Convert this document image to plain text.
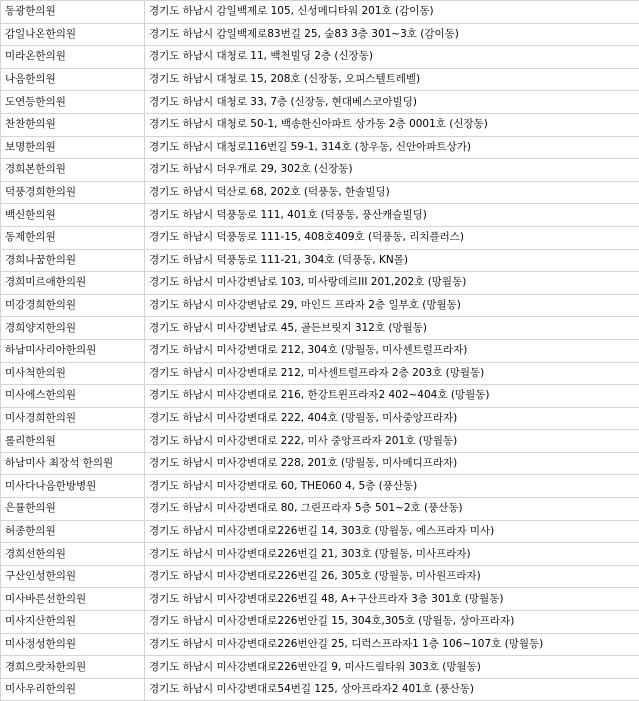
동광한의원	경기도 하남시 감일백제로 105, 신성메디타워 201호 (감이동)
감일나온한의원	경기도 하남시 감일백제로83번길 25, 숲83 3층 301~3호 (감이동)
미라온한의원	경기도 하남시 대청로 11, 백천빌딩 2층 (신장동)
나음한의원	경기도 하남시 대청로 15, 208호 (신장동, 오피스텔트레벨)
도연등한의원	경기도 하남시 대청로 33, 7층 (신장동, 현대베스코아빌딩)
찬찬한의원	경기도 하남시 대청로 50-1, 백송한신아파트 상가동 2층 0001호 (신장동)
보명한의원	경기도 하남시 대청로116번길 59-1, 314호 (창우동, 신안아파트상가)
경희본한의원	경기도 하남시 더우개로 29, 302호 (신장동)
덕풍경희한의원	경기도 하남시 덕산로 68, 202호 (덕풍동, 한솔빌딩)
백신한의원	경기도 하남시 덕풍동로 111, 401호 (덕풍동, 풍산캐슬빌딩)
동제한의원	경기도 하남시 덕풍동로 111-15, 408호409호 (덕풍동, 리치플러스)
경희나꿈한의원	경기도 하남시 덕풍동로 111-21, 304호 (덕풍동, KN몰)
경희미르애한의원	경기도 하남시 미사강변남로 103, 미사랑데르III 201,202호 (망월동)
미강경희한의원	경기도 하남시 미사강변남로 29, 마인드 프라자 2층 일부호 (망월동)
경희양지한의원	경기도 하남시 미사강변남로 45, 골든브릿지 312호 (망월동)
하남미사리아한의원	경기도 하남시 미사강변대로 212, 304호 (망월동, 미사센트럴프라자)
미사척한의원	경기도 하남시 미사강변대로 212, 미사센트럴프라자 2층 203호 (망월동)
미사에스한의원	경기도 하남시 미사강변대로 216, 한강트윈프라자2 402~404호 (망월동)
미사경희한의원	경기도 하남시 미사강변대로 222, 404호 (망월동, 미사중앙프라자)
롤리한의원	경기도 하남시 미사강변대로 222, 미사 중앙프라자 201호 (망월동)
하남미사 최장석 한의원	경기도 하남시 미사강변대로 228, 201호 (망월동, 미사메디프라자)
미사다나음한방병원	경기도 하남시 미사강변대로 60, THE060 4, 5층 (풍산동)
은률한의원	경기도 하남시 미사강변대로 80, 그린프라자 5층 501~2호 (풍산동)
허종한의원	경기도 하남시 미사강변대로226번길 14, 303호 (망월동, 예스프라자 미사)
경희선한의원	경기도 하남시 미사강변대로226번길 21, 303호 (망월동, 미사프라자)
구산인성한의원	경기도 하남시 미사강변대로226번길 26, 305호 (망월동, 미사원프라자)
미사바른선한의원	경기도 하남시 미사강변대로226번길 48, A+구산프라자 3층 301호 (망월동)
미사지산한의원	경기도 하남시 미사강변대로226번안길 15, 304호,305호 (망월동, 상아프라자)
미사정성한의원	경기도 하남시 미사강변대로226번안길 25, 디럭스프라자1 1층 106~107호 (망월동)
경희으랏차한의원	경기도 하남시 미사강변대로226번안길 9, 미사드림타워 303호 (망월동)
미사우리한의원	경기도 하남시 미사강변대로54번길 125, 상아프라자2 401호 (풍산동)
